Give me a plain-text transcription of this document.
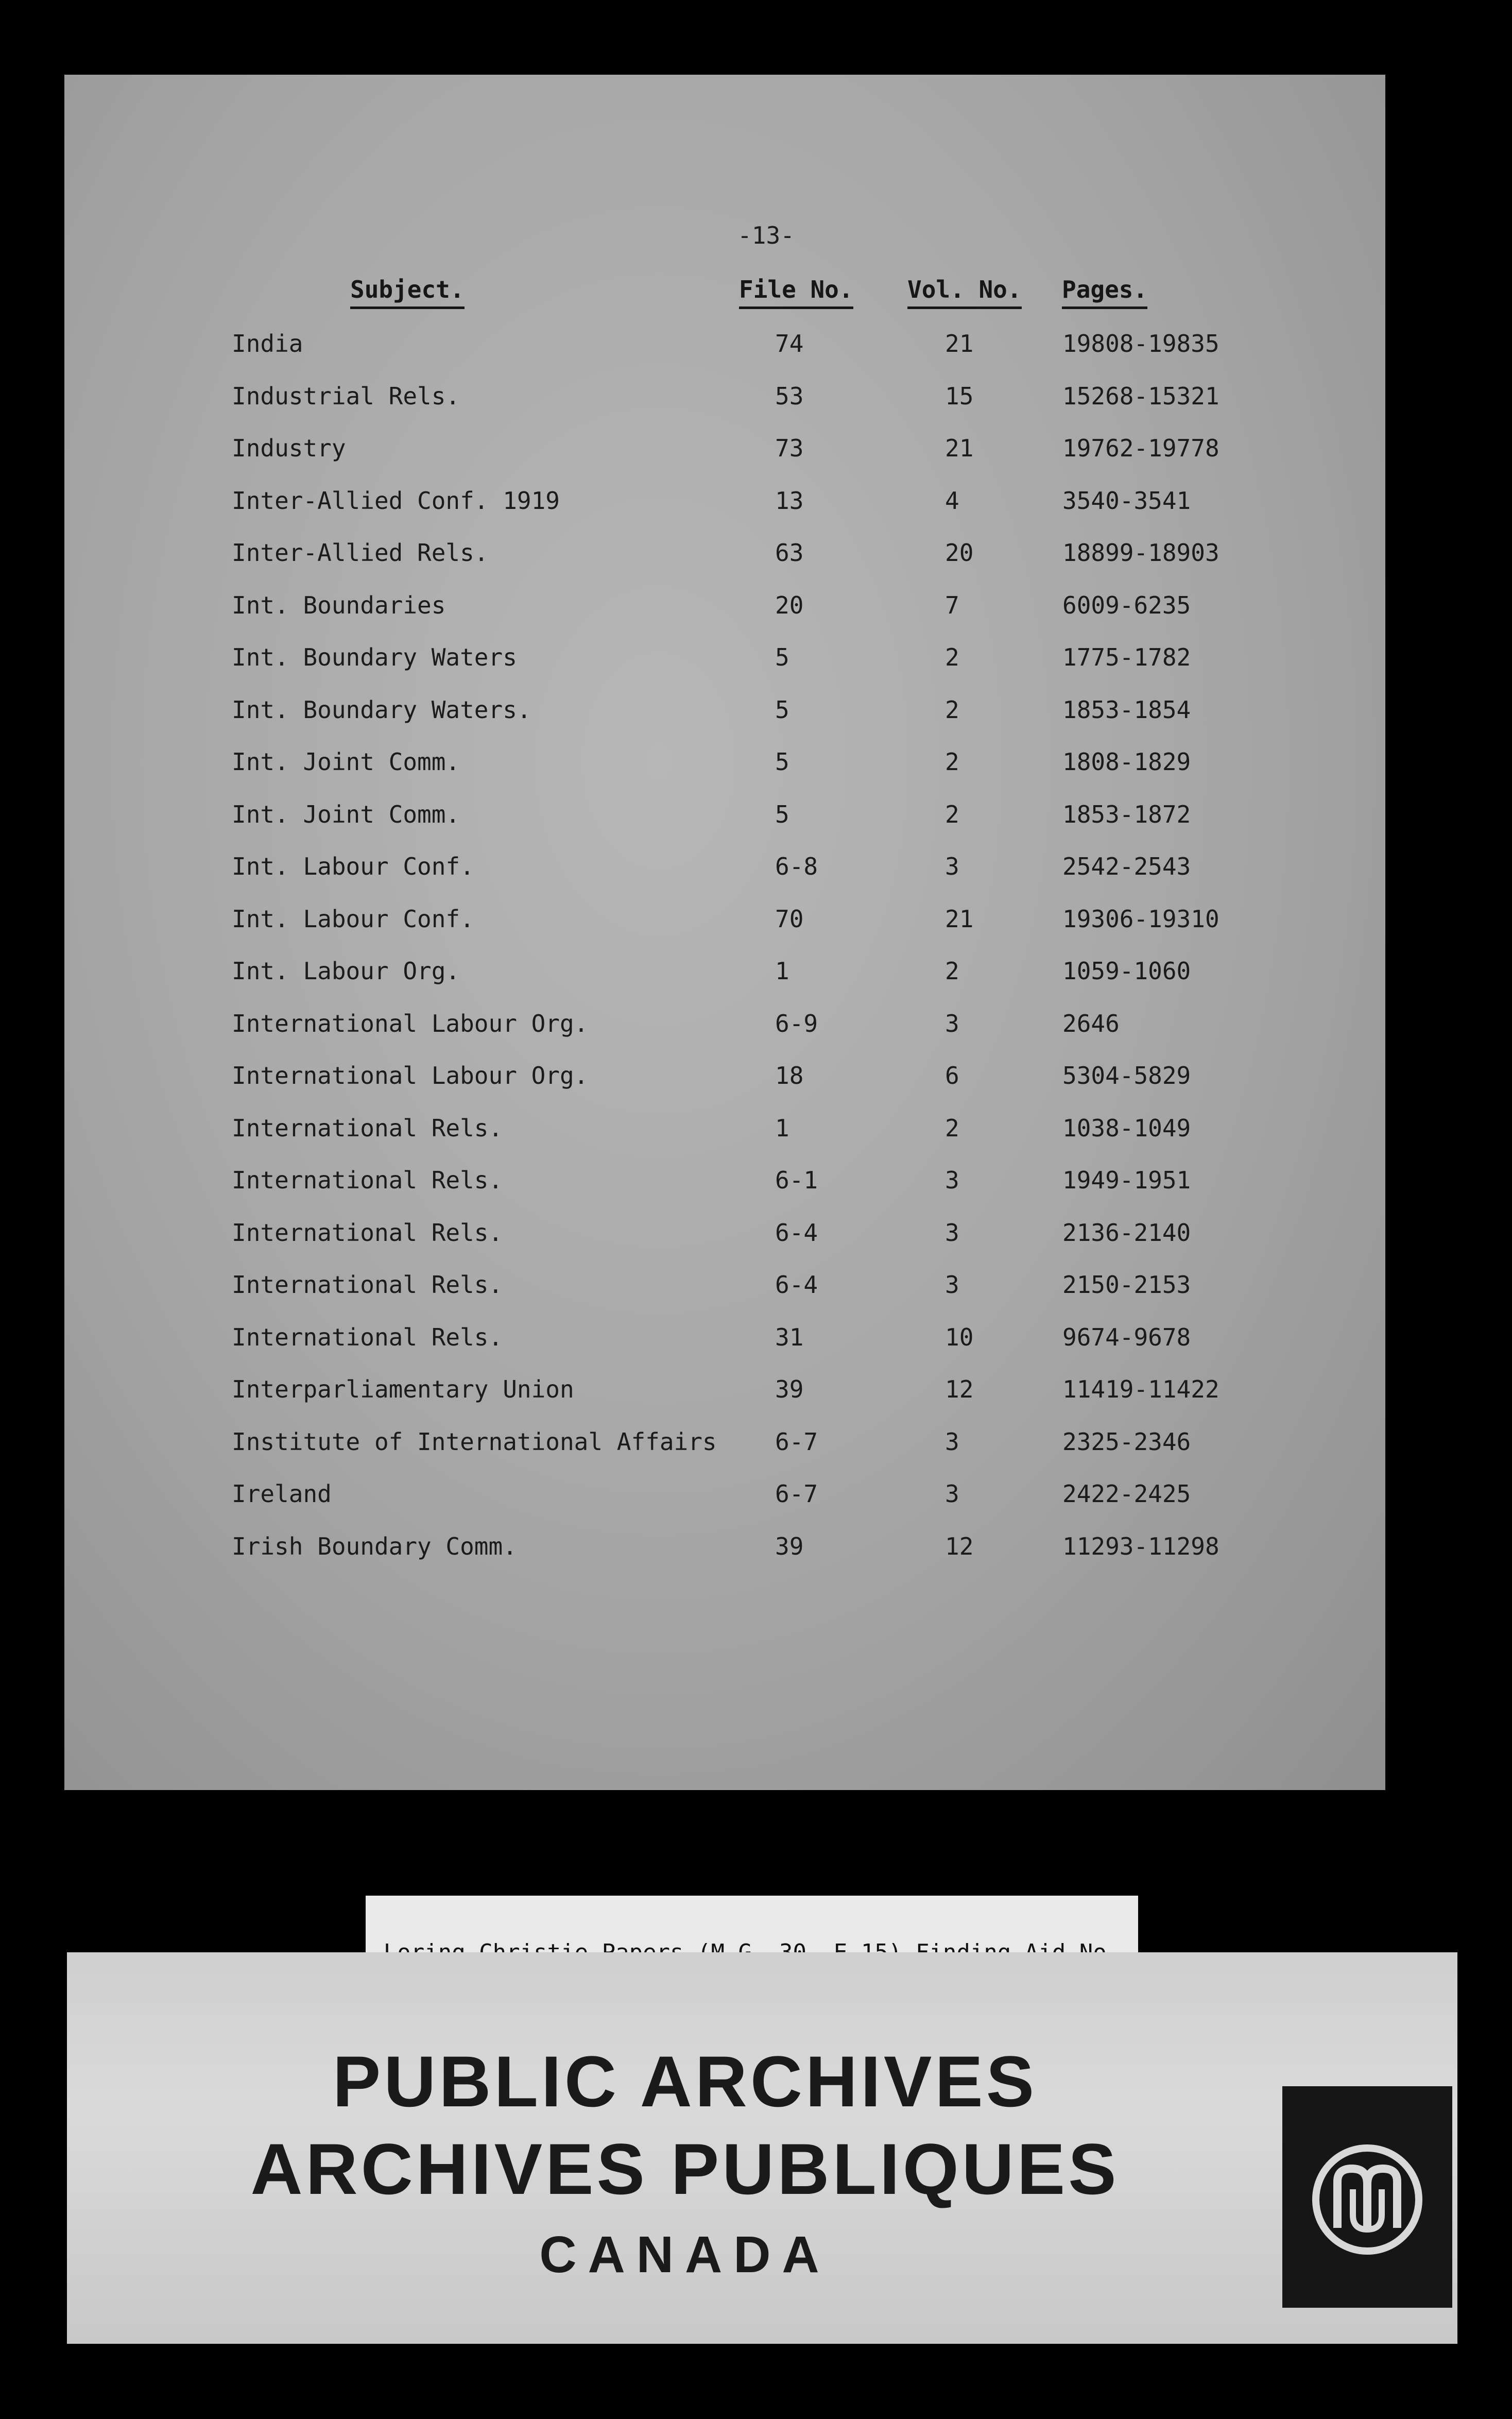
-13-
Subject.	File No. Vol. No. Pages.
India	74	21	19808-19835
Industrial Rels.	53	15	15268-15321
Industry	73	21	19762-19778
Inter-Allied Conf. 1919	13	4	3540-3541
Inter-Allied Rels.	63	20	18899-18903
Int. Boundaries	20	7	6009-6235
Int. Boundary Waters	5	2	1775-1782
Int. Boundary Waters.	5	2	1853-1854
Int. Joint Comm.	5	2	1808-1829
Int. Joint Comm.	5	2	1853-1872
Int. Labour Conf.	6-8	3	2542-2543
Int. Labour Conf.	70	21	19306-19310
Int. Labour Org.	1	2	1059-1060
International Labour Org.	6-9	3	2646
International Labour Org.	18	6	5304-5829
International Rels.	1	2	1038-1049
International Rels.	6-1	3	1949-1951
International Rels.	6-4	3	2136-2140
International Rels.	6-4	3	2150-2153
International Rels.	31	10	9674-9678
Interparliamentary Union	39	12	11419-11422
Institute of International Affairs 6-7	3	2325-2346
Ireland	6-7	3	2422-2425
Irish Boundary Comm.	39	12	11293-11298
PUBLIC ARCHIVES
ARCHIVES PUBLIQUES
CANADA
